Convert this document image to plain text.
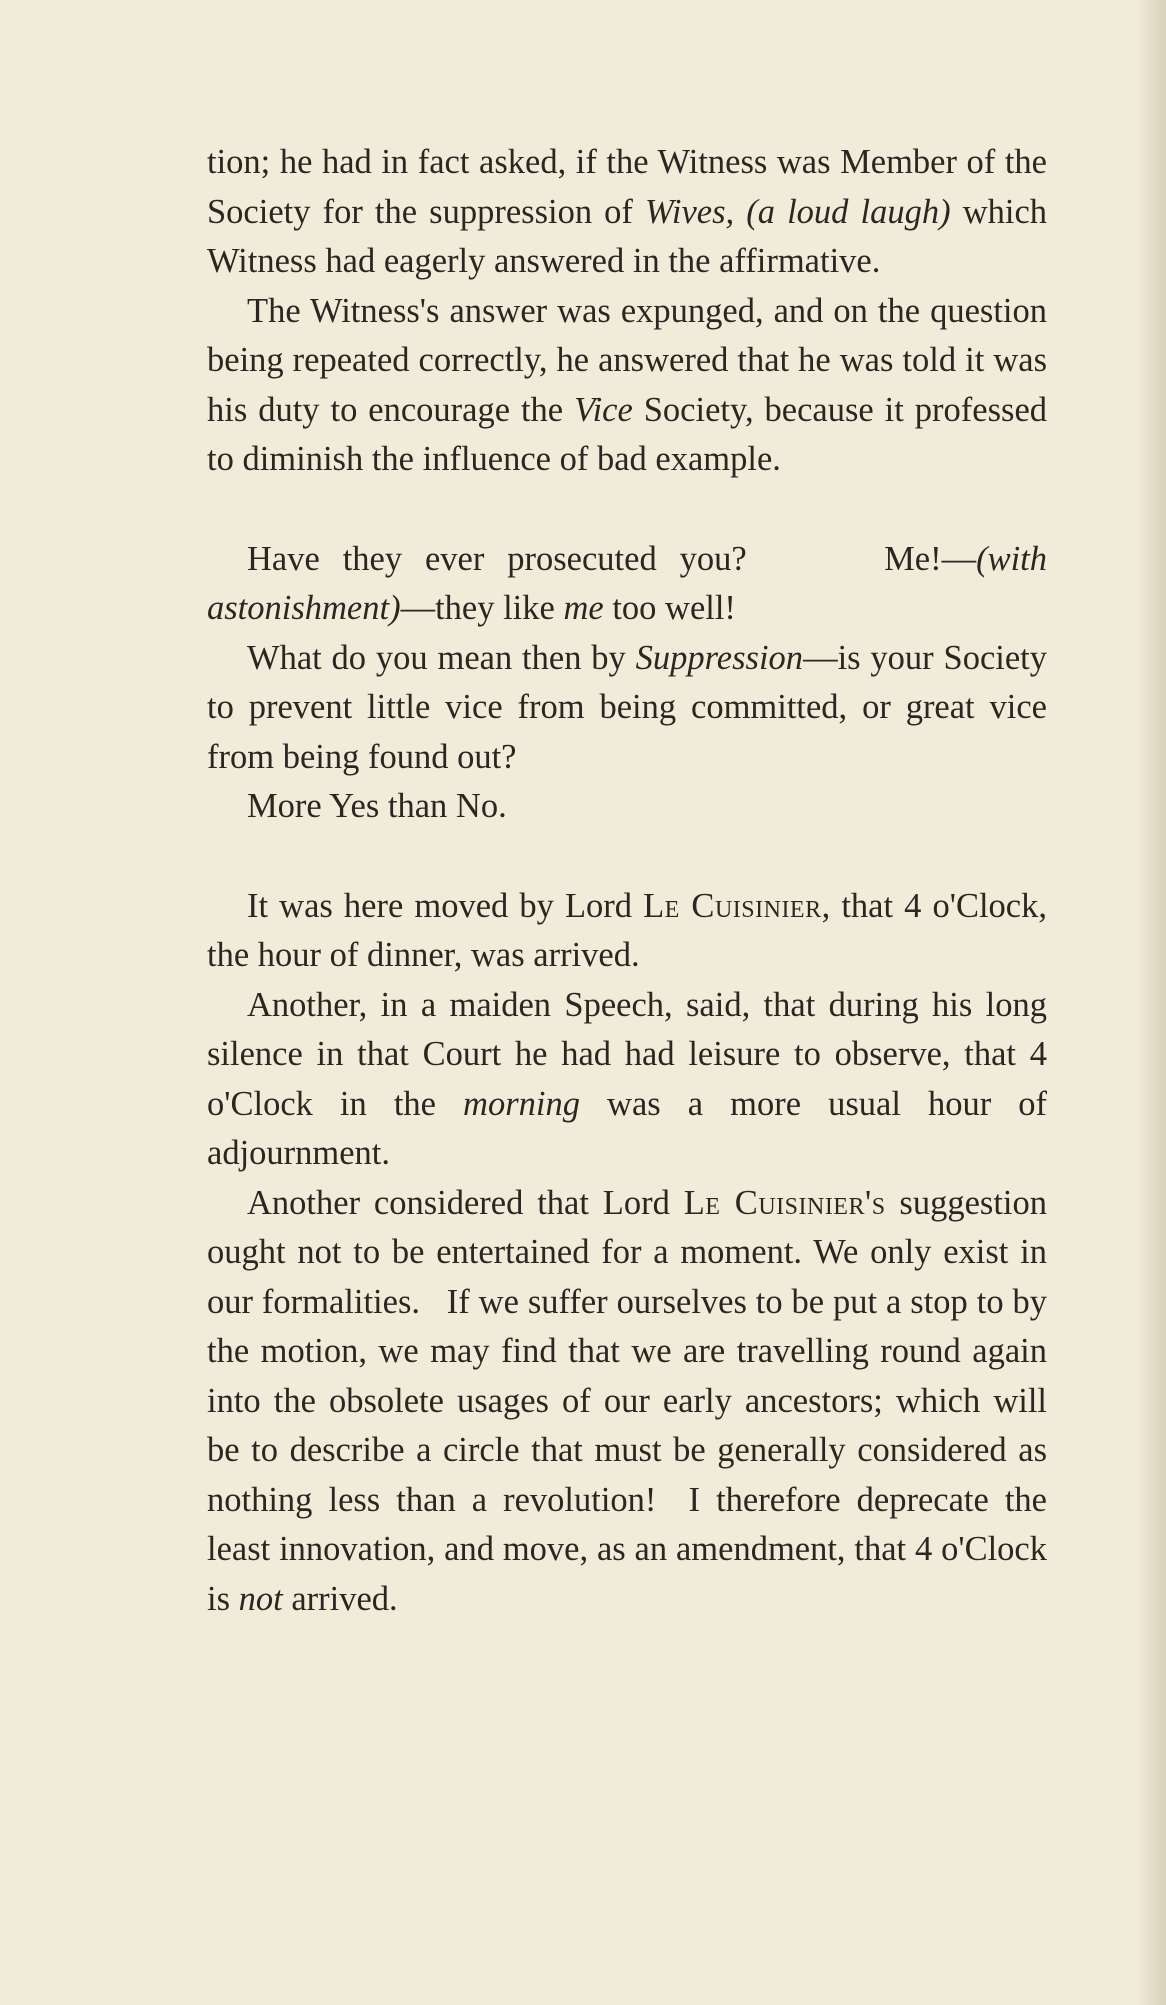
tion; he had in fact asked, if the Witness was Member of the Society for the suppression of Wives, (a loud laugh) which Witness had eagerly answered in the affirmative.

The Witness's answer was expunged, and on the question being repeated correctly, he answered that he was told it was his duty to encourage the Vice Society, because it professed to diminish the influence of bad example.

Have they ever prosecuted you?      Me!—(with astonishment)—they like me too well!

What do you mean then by Suppression—is your Society to prevent little vice from being committed, or great vice from being found out?

More Yes than No.

It was here moved by Lord Le Cuisinier, that 4 o'Clock, the hour of dinner, was arrived.

Another, in a maiden Speech, said, that during his long silence in that Court he had had leisure to observe, that 4 o'Clock in the morning was a more usual hour of adjournment.

Another considered that Lord Le Cuisinier's suggestion ought not to be entertained for a moment. We only exist in our formalities.   If we suffer ourselves to be put a stop to by the motion, we may find that we are travelling round again into the obsolete usages of our early ancestors; which will be to describe a circle that must be generally considered as nothing less than a revolution!  I therefore deprecate the least innovation, and move, as an amendment, that 4 o'Clock is not arrived.
